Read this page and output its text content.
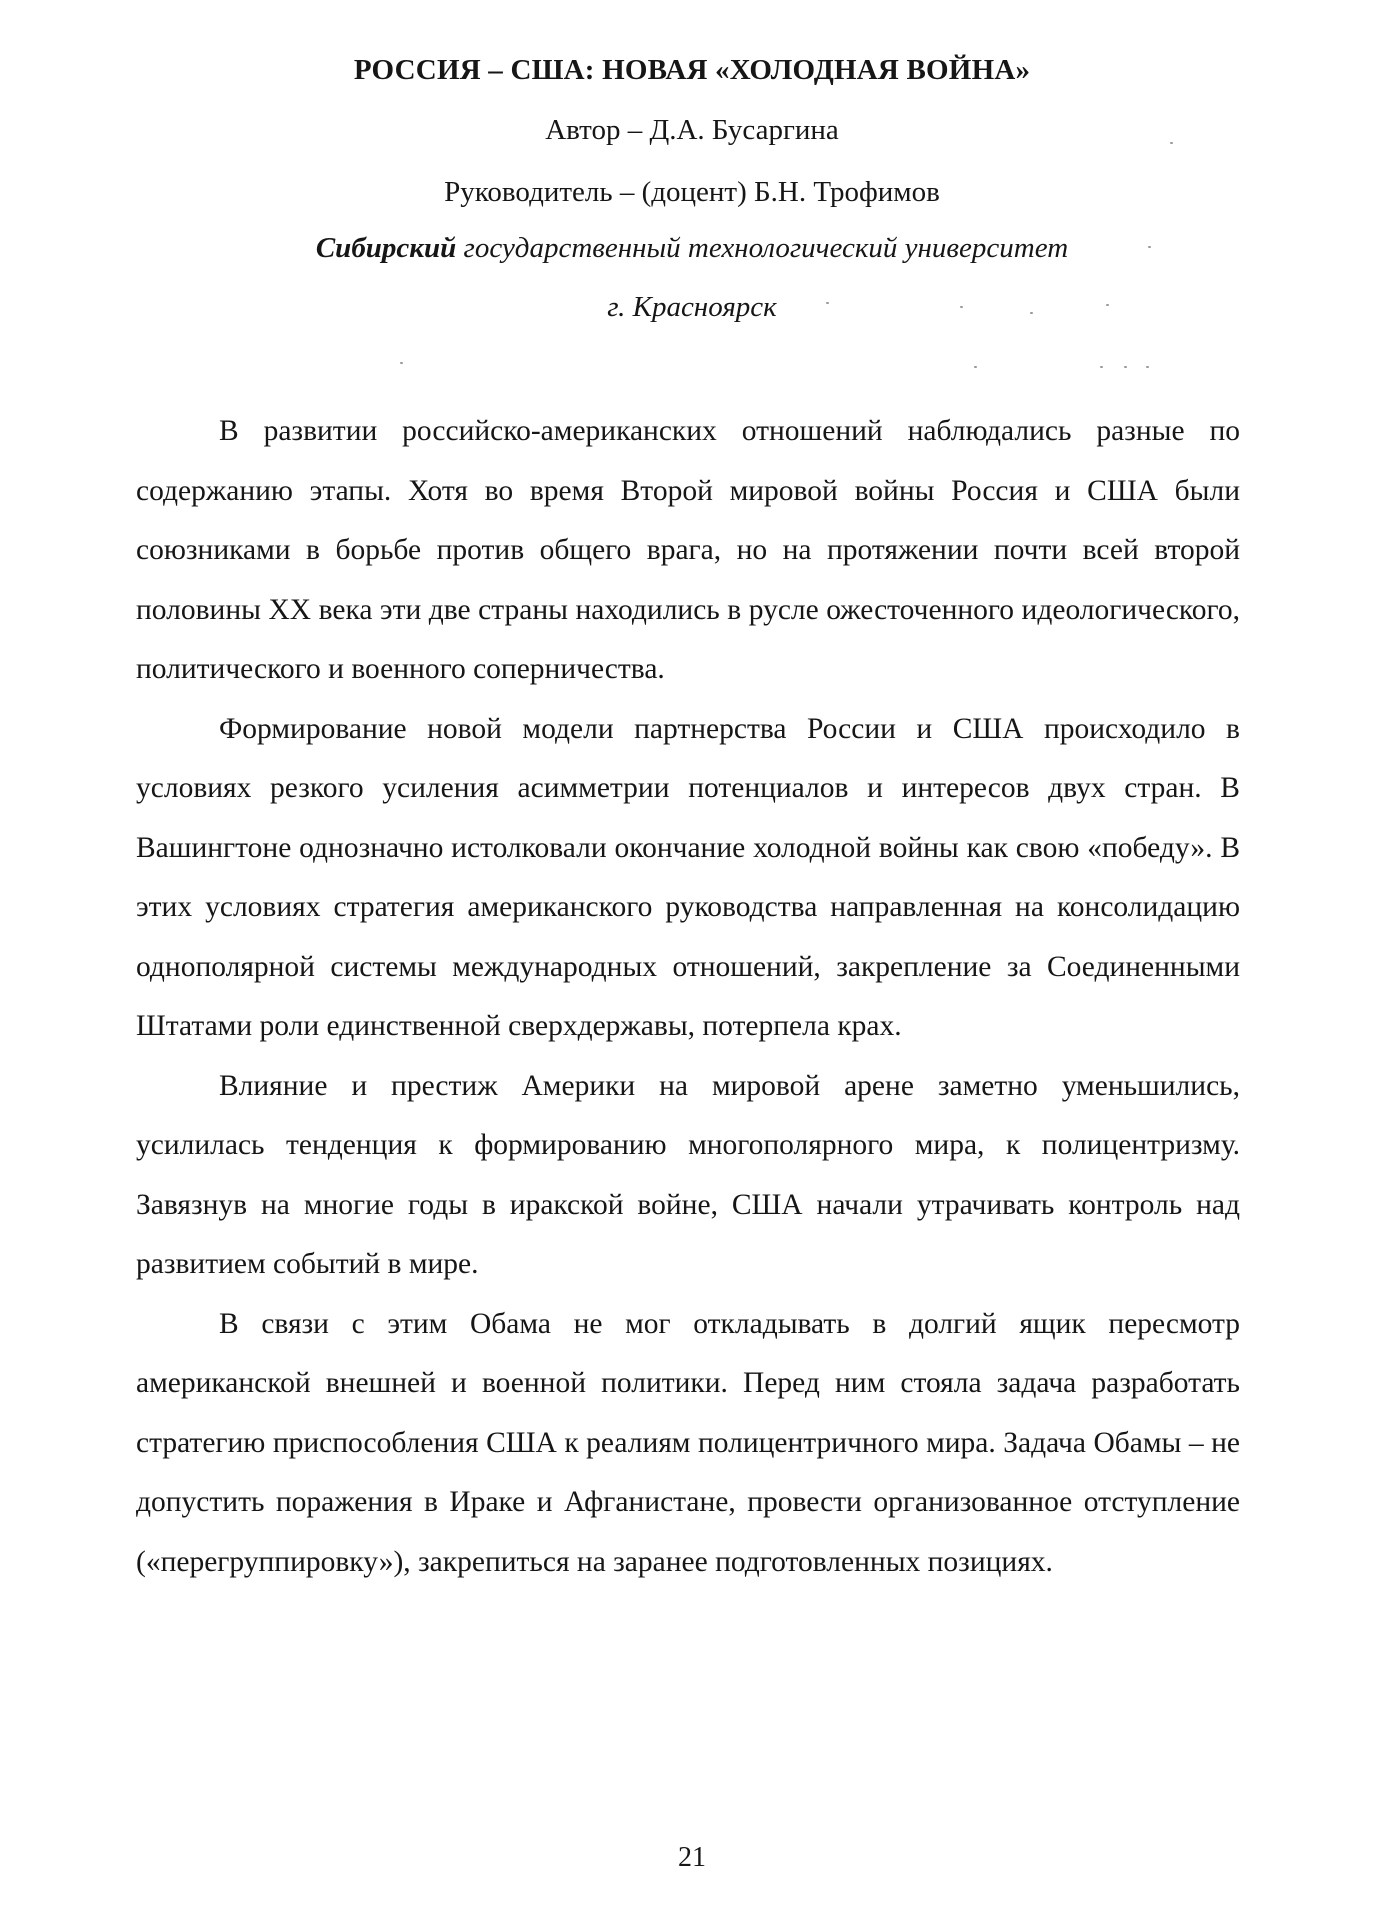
РОССИЯ – США: НОВАЯ «ХОЛОДНАЯ ВОЙНА»

Автор – Д.А. Бусаргина

Руководитель – (доцент) Б.Н. Трофимов

Сибирский государственный технологический университет

г. Красноярск

В развитии российско-американских отношений наблюдались разные по содержанию этапы. Хотя во время Второй мировой войны Россия и США были союзниками в борьбе против общего врага, но на протяжении почти всей второй половины XX века эти две страны находились в русле ожесточенного идеологического, политического и военного соперничества.

Формирование новой модели партнерства России и США происходило в условиях резкого усиления асимметрии потенциалов и интересов двух стран. В Вашингтоне однозначно истолковали окончание холодной войны как свою «победу». В этих условиях стратегия американского руководства направленная на консолидацию однополярной системы международных отношений, закрепление за Соединенными Штатами роли единственной сверхдержавы, потерпела крах.

Влияние и престиж Америки на мировой арене заметно уменьшились, усилилась тенденция к формированию многополярного мира, к полицентризму. Завязнув на многие годы в иракской войне, США начали утрачивать контроль над развитием событий в мире.

В связи с этим Обама не мог откладывать в долгий ящик пересмотр американской внешней и военной политики. Перед ним стояла задача разработать стратегию приспособления США к реалиям полицентричного мира. Задача Обамы – не допустить поражения в Ираке и Афганистане, провести организованное отступление («перегруппировку»), закрепиться на заранее подготовленных позициях.

21
